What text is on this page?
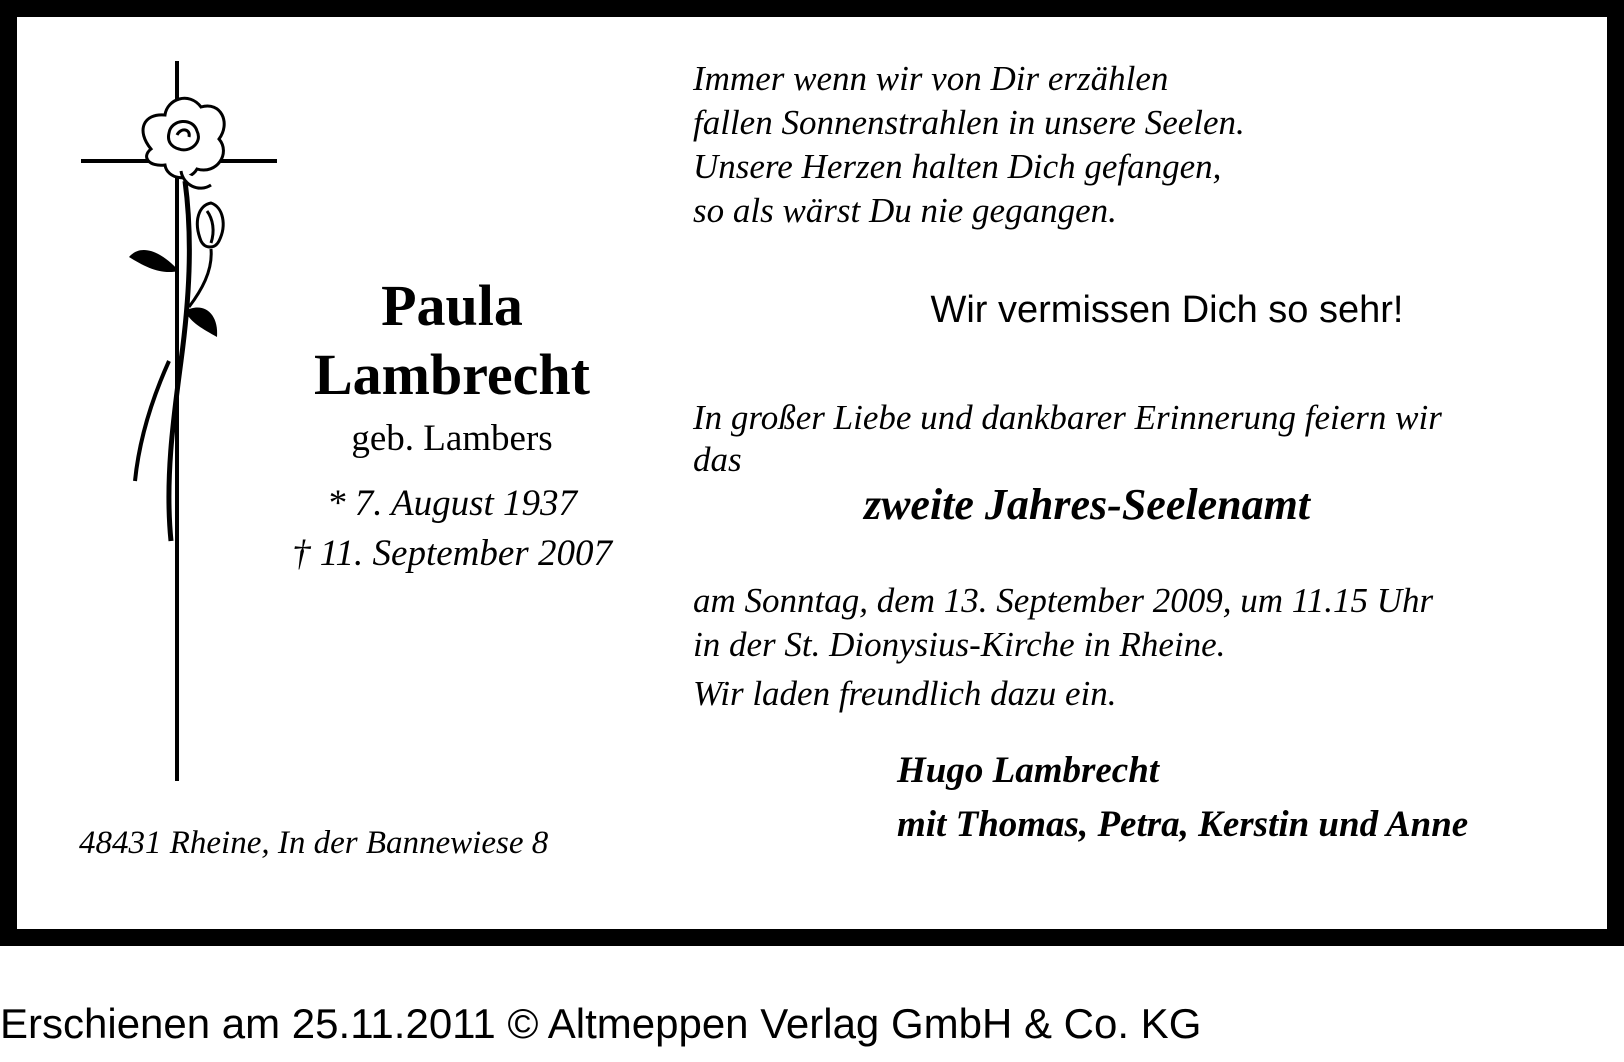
Paula
Lambrecht
geb. Lambers
* 7. August 1937
† 11. September 2007
48431 Rheine, In der Bannewiese 8
Immer wenn wir von Dir erzählen
fallen Sonnenstrahlen in unsere Seelen.
Unsere Herzen halten Dich gefangen,
so als wärst Du nie gegangen.
Wir vermissen Dich so sehr!
In großer Liebe und dankbarer Erinnerung feiern wir
das
zweite Jahres-Seelenamt
am Sonntag, dem 13. September 2009, um 11.15 Uhr
in der St. Dionysius-Kirche in Rheine.
Wir laden freundlich dazu ein.
Hugo Lambrecht
mit Thomas, Petra, Kerstin und Anne
Erschienen am 25.11.2011 © Altmeppen Verlag GmbH & Co. KG
